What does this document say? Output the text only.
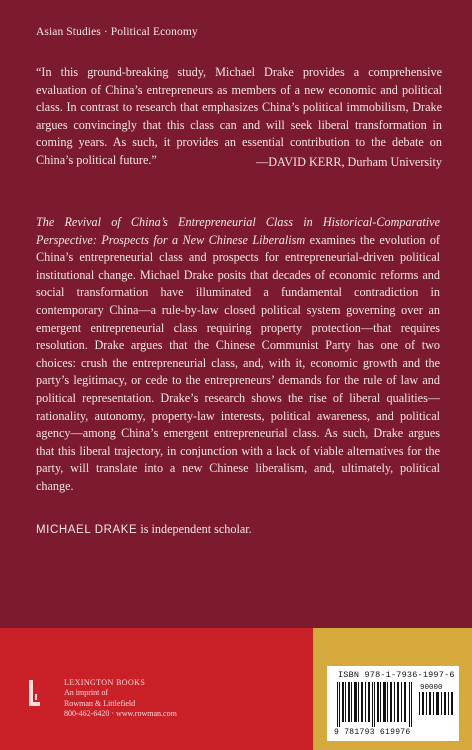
Asian Studies · Political Economy
“In this ground-breaking study, Michael Drake provides a comprehensive evaluation of China’s entrepreneurs as members of a new economic and political class. In contrast to research that emphasizes China’s political immobilism, Drake argues convincingly that this class can and will seek liberal transformation in coming years. As such, it provides an essential contribution to the debate on China’s political future.”	—DAVID KERR, Durham University
The Revival of China’s Entrepreneurial Class in Historical-Comparative Perspective: Prospects for a New Chinese Liberalism examines the evolution of China’s entrepreneurial class and prospects for entrepreneurial-driven political institutional change. Michael Drake posits that decades of economic reforms and social transformation have illuminated a fundamental contradiction in contemporary China—a rule-by-law closed political system governing over an emergent entrepreneurial class requiring property protection—that requires resolution. Drake argues that the Chinese Communist Party has one of two choices: crush the entrepreneurial class, and, with it, economic growth and the party’s legitimacy, or cede to the entrepreneurs’ demands for the rule of law and political representation. Drake’s research shows the rise of liberal qualities—rationality, autonomy, property-law interests, political awareness, and political agency—among China’s emergent entrepreneurial class. As such, Drake argues that this liberal trajectory, in conjunction with a lack of viable alternatives for the party, will translate into a new Chinese liberalism, and, ultimately, political change.
MICHAEL DRAKE is independent scholar.
LEXINGTON BOOKS
An imprint of
Rowman & Littlefield
800-462-6420 · www.rowman.com
ISBN 978-1-7936-1997-6
90000
9 781793 619976
